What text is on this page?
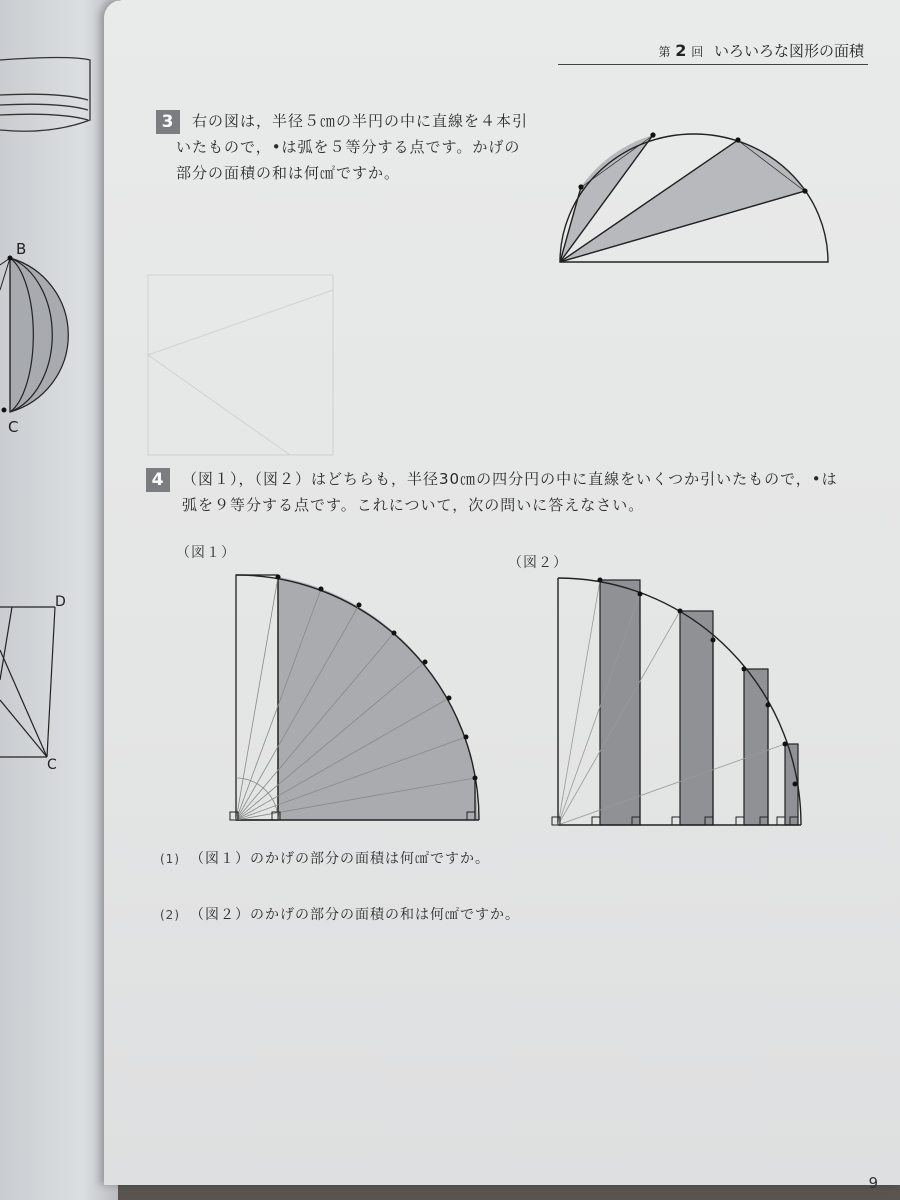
B
C
D
C
第 2 回 いろいろな図形の面積
3 右の図は，半径５㎝の半円の中に直線を４本引
いたもので，•は弧を５等分する点です。かげの
部分の面積の和は何㎠ですか。
4 （図１），（図２）はどちらも，半径30㎝の四分円の中に直線をいくつか引いたもので，•は
弧を９等分する点です。これについて，次の問いに答えなさい。
（図１）
（図２）
(1) （図１）のかげの部分の面積は何㎠ですか。
(2) （図２）のかげの部分の面積の和は何㎠ですか。
9
